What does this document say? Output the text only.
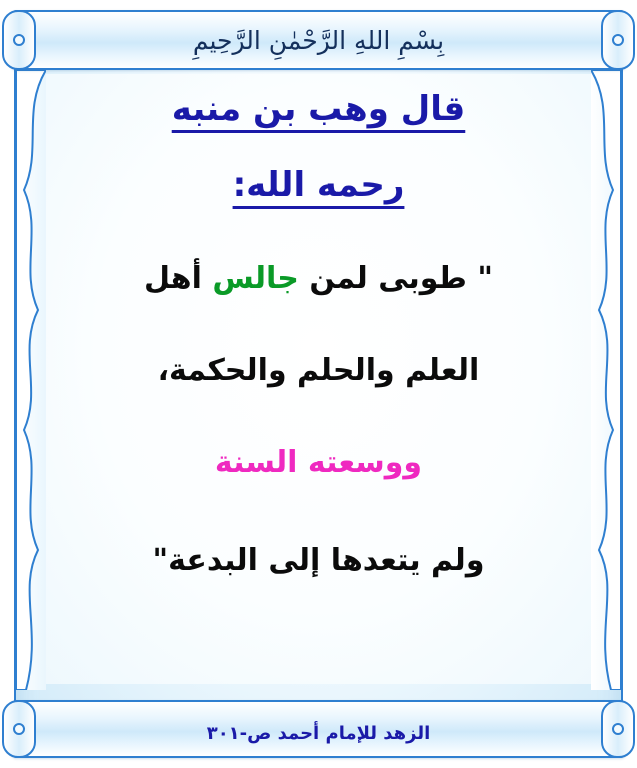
بِسْمِ اللهِ الرَّحْمٰنِ الرَّحِيمِ

قال وهب بن منبه

رحمه الله:

" طوبى لمن جالس أهل

العلم والحلم والحكمة،

ووسعته السنة

ولم يتعدها إلى البدعة"

الزهد للإمام أحمد ص-٣٠١
